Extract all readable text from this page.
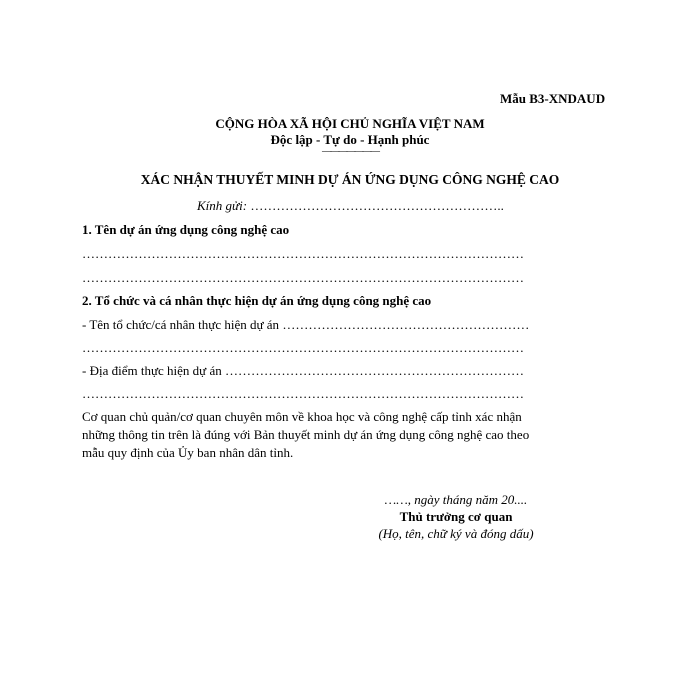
Mẫu B3-XNDAUD
CỘNG HÒA XÃ HỘI CHỦ NGHĨA VIỆT NAM
Độc lập - Tự do - Hạnh phúc
―――――――
XÁC NHẬN THUYẾT MINH DỰ ÁN ỨNG DỤNG CÔNG NGHỆ CAO
Kính gửi: …………………………………………………..
1. Tên dự án ứng dụng công nghệ cao
…………………………………………………………………………………………
…………………………………………………………………………………………
2. Tổ chức và cá nhân thực hiện dự án ứng dụng công nghệ cao
- Tên tổ chức/cá nhân thực hiện dự án …………………………………………………
…………………………………………………………………………………………
- Địa điểm thực hiện dự án ……………………………………………………………
…………………………………………………………………………………………
Cơ quan chủ quản/cơ quan chuyên môn về khoa học và công nghệ cấp tỉnh xác nhận
những thông tin trên là đúng với Bản thuyết minh dự án ứng dụng công nghệ cao theo
mẫu quy định của Ủy ban nhân dân tỉnh.
……, ngày tháng năm 20....
Thủ trưởng cơ quan
(Họ, tên, chữ ký và đóng dấu)
